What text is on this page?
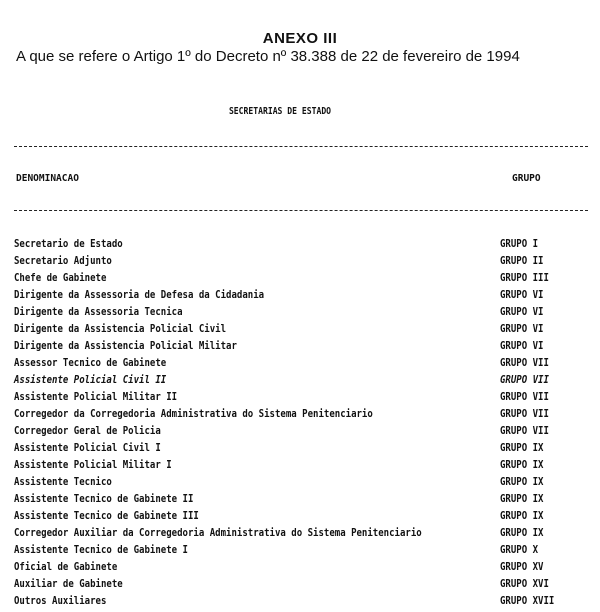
ANEXO III
A que se refere o Artigo 1º do Decreto nº 38.388 de 22 de fevereiro de 1994
SECRETARIAS DE ESTADO
DENOMINACAO	GRUPO
Secretario de Estado	GRUPO I
Secretario Adjunto	GRUPO II
Chefe de Gabinete	GRUPO III
Dirigente da Assessoria de Defesa da Cidadania	GRUPO VI
Dirigente da Assessoria Tecnica	GRUPO VI
Dirigente da Assistencia Policial Civil	GRUPO VI
Dirigente da Assistencia Policial Militar	GRUPO VI
Assessor Tecnico de Gabinete	GRUPO VII
Assistente Policial Civil II	GRUPO VII
Assistente Policial Militar II	GRUPO VII
Corregedor da Corregedoria Administrativa do Sistema Penitenciario	GRUPO VII
Corregedor Geral de Policia	GRUPO VII
Assistente Policial Civil I	GRUPO IX
Assistente Policial Militar I	GRUPO IX
Assistente Tecnico	GRUPO IX
Assistente Tecnico de Gabinete II	GRUPO IX
Assistente Tecnico de Gabinete III	GRUPO IX
Corregedor Auxiliar da Corregedoria Administrativa do Sistema Penitenciario	GRUPO IX
Assistente Tecnico de Gabinete I	GRUPO X
Oficial de Gabinete	GRUPO XV
Auxiliar de Gabinete	GRUPO XVI
Outros Auxiliares	GRUPO XVII
